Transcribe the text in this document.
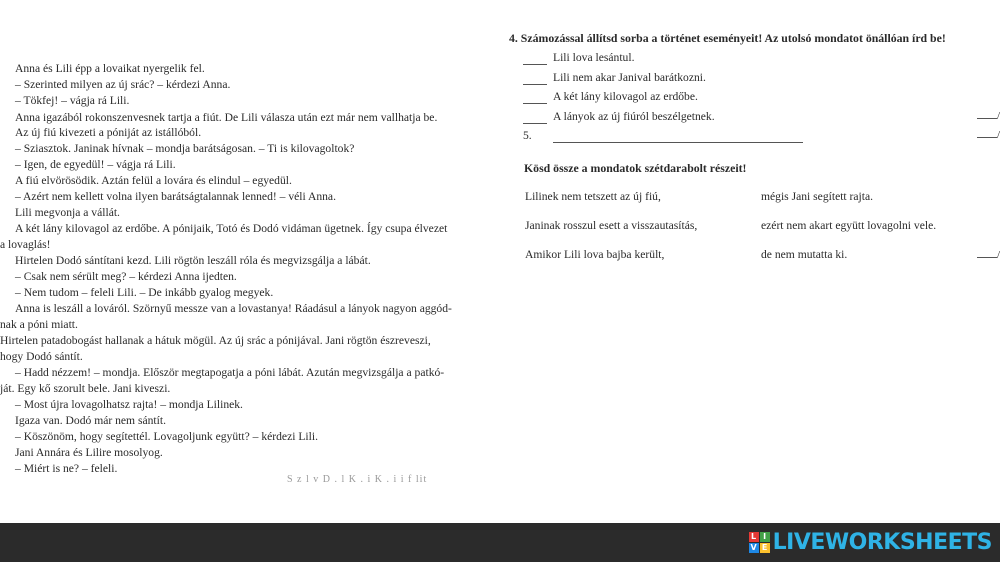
Anna és Lili épp a lovaikat nyergelik fel.
– Szerinted milyen az új srác? – kérdezi Anna.
– Tökfej! – vágja rá Lili.
Anna igazából rokonszenvesnek tartja a fiút. De Lili válasza után ezt már nem vallhatja be.
Az új fiú kivezeti a póniját az istállóból.
– Sziasztok. Janinak hívnak – mondja barátságosan. – Ti is kilovagoltok?
– Igen, de egyedül! – vágja rá Lili.
A fiú elvörösödik. Aztán felül a lovára és elindul – egyedül.
– Azért nem kellett volna ilyen barátságtalannak lenned! – véli Anna.
Lili megvonja a vállát.
A két lány kilovagol az erdőbe. A pónijaik, Totó és Dodó vidáman ügetnek. Így csupa élvezet
a lovaglás!
Hirtelen Dodó sántítani kezd. Lili rögtön leszáll róla és megvizsgálja a lábát.
– Csak nem sérült meg? – kérdezi Anna ijedten.
– Nem tudom – feleli Lili. – De inkább gyalog megyek.
Anna is leszáll a lováról. Szörnyű messze van a lovastanya! Ráadásul a lányok nagyon aggód-
nak a póni miatt.
Hirtelen patadobogást hallanak a hátuk mögül. Az új srác a pónijával. Jani rögtön észreveszi,
hogy Dodó sántít.
– Hadd nézzem! – mondja. Először megtapogatja a póni lábát. Azután megvizsgálja a patkó-
ját. Egy kő szorult bele. Jani kiveszi.
– Most újra lovagolhatsz rajta! – mondja Lilinek.
Igaza van. Dodó már nem sántít.
– Köszönöm, hogy segítettél. Lovagoljunk együtt? – kérdezi Lili.
Jani Annára és Lilire mosolyog.
– Miért is ne? – feleli.
S z l v D . l K . i K . i i f lit
4. Számozással állítsd sorba a történet eseményeit! Az utolsó mondatot önállóan írd be!
Lili lova lesántul.
Lili nem akar Janival barátkozni.
A két lány kilovagol az erdőbe.
A lányok az új fiúról beszélgetnek.
5.
/
/
Kösd össze a mondatok szétdarabolt részeit!
Lilinek nem tetszett az új fiú,	mégis Jani segített rajta.
Janinak rosszul esett a visszautasítás,	ezért nem akart együtt lovagolni vele.
Amikor Lili lova bajba került,	de nem mutatta ki.	/
L I
V E LIVEWORKSHEETS
